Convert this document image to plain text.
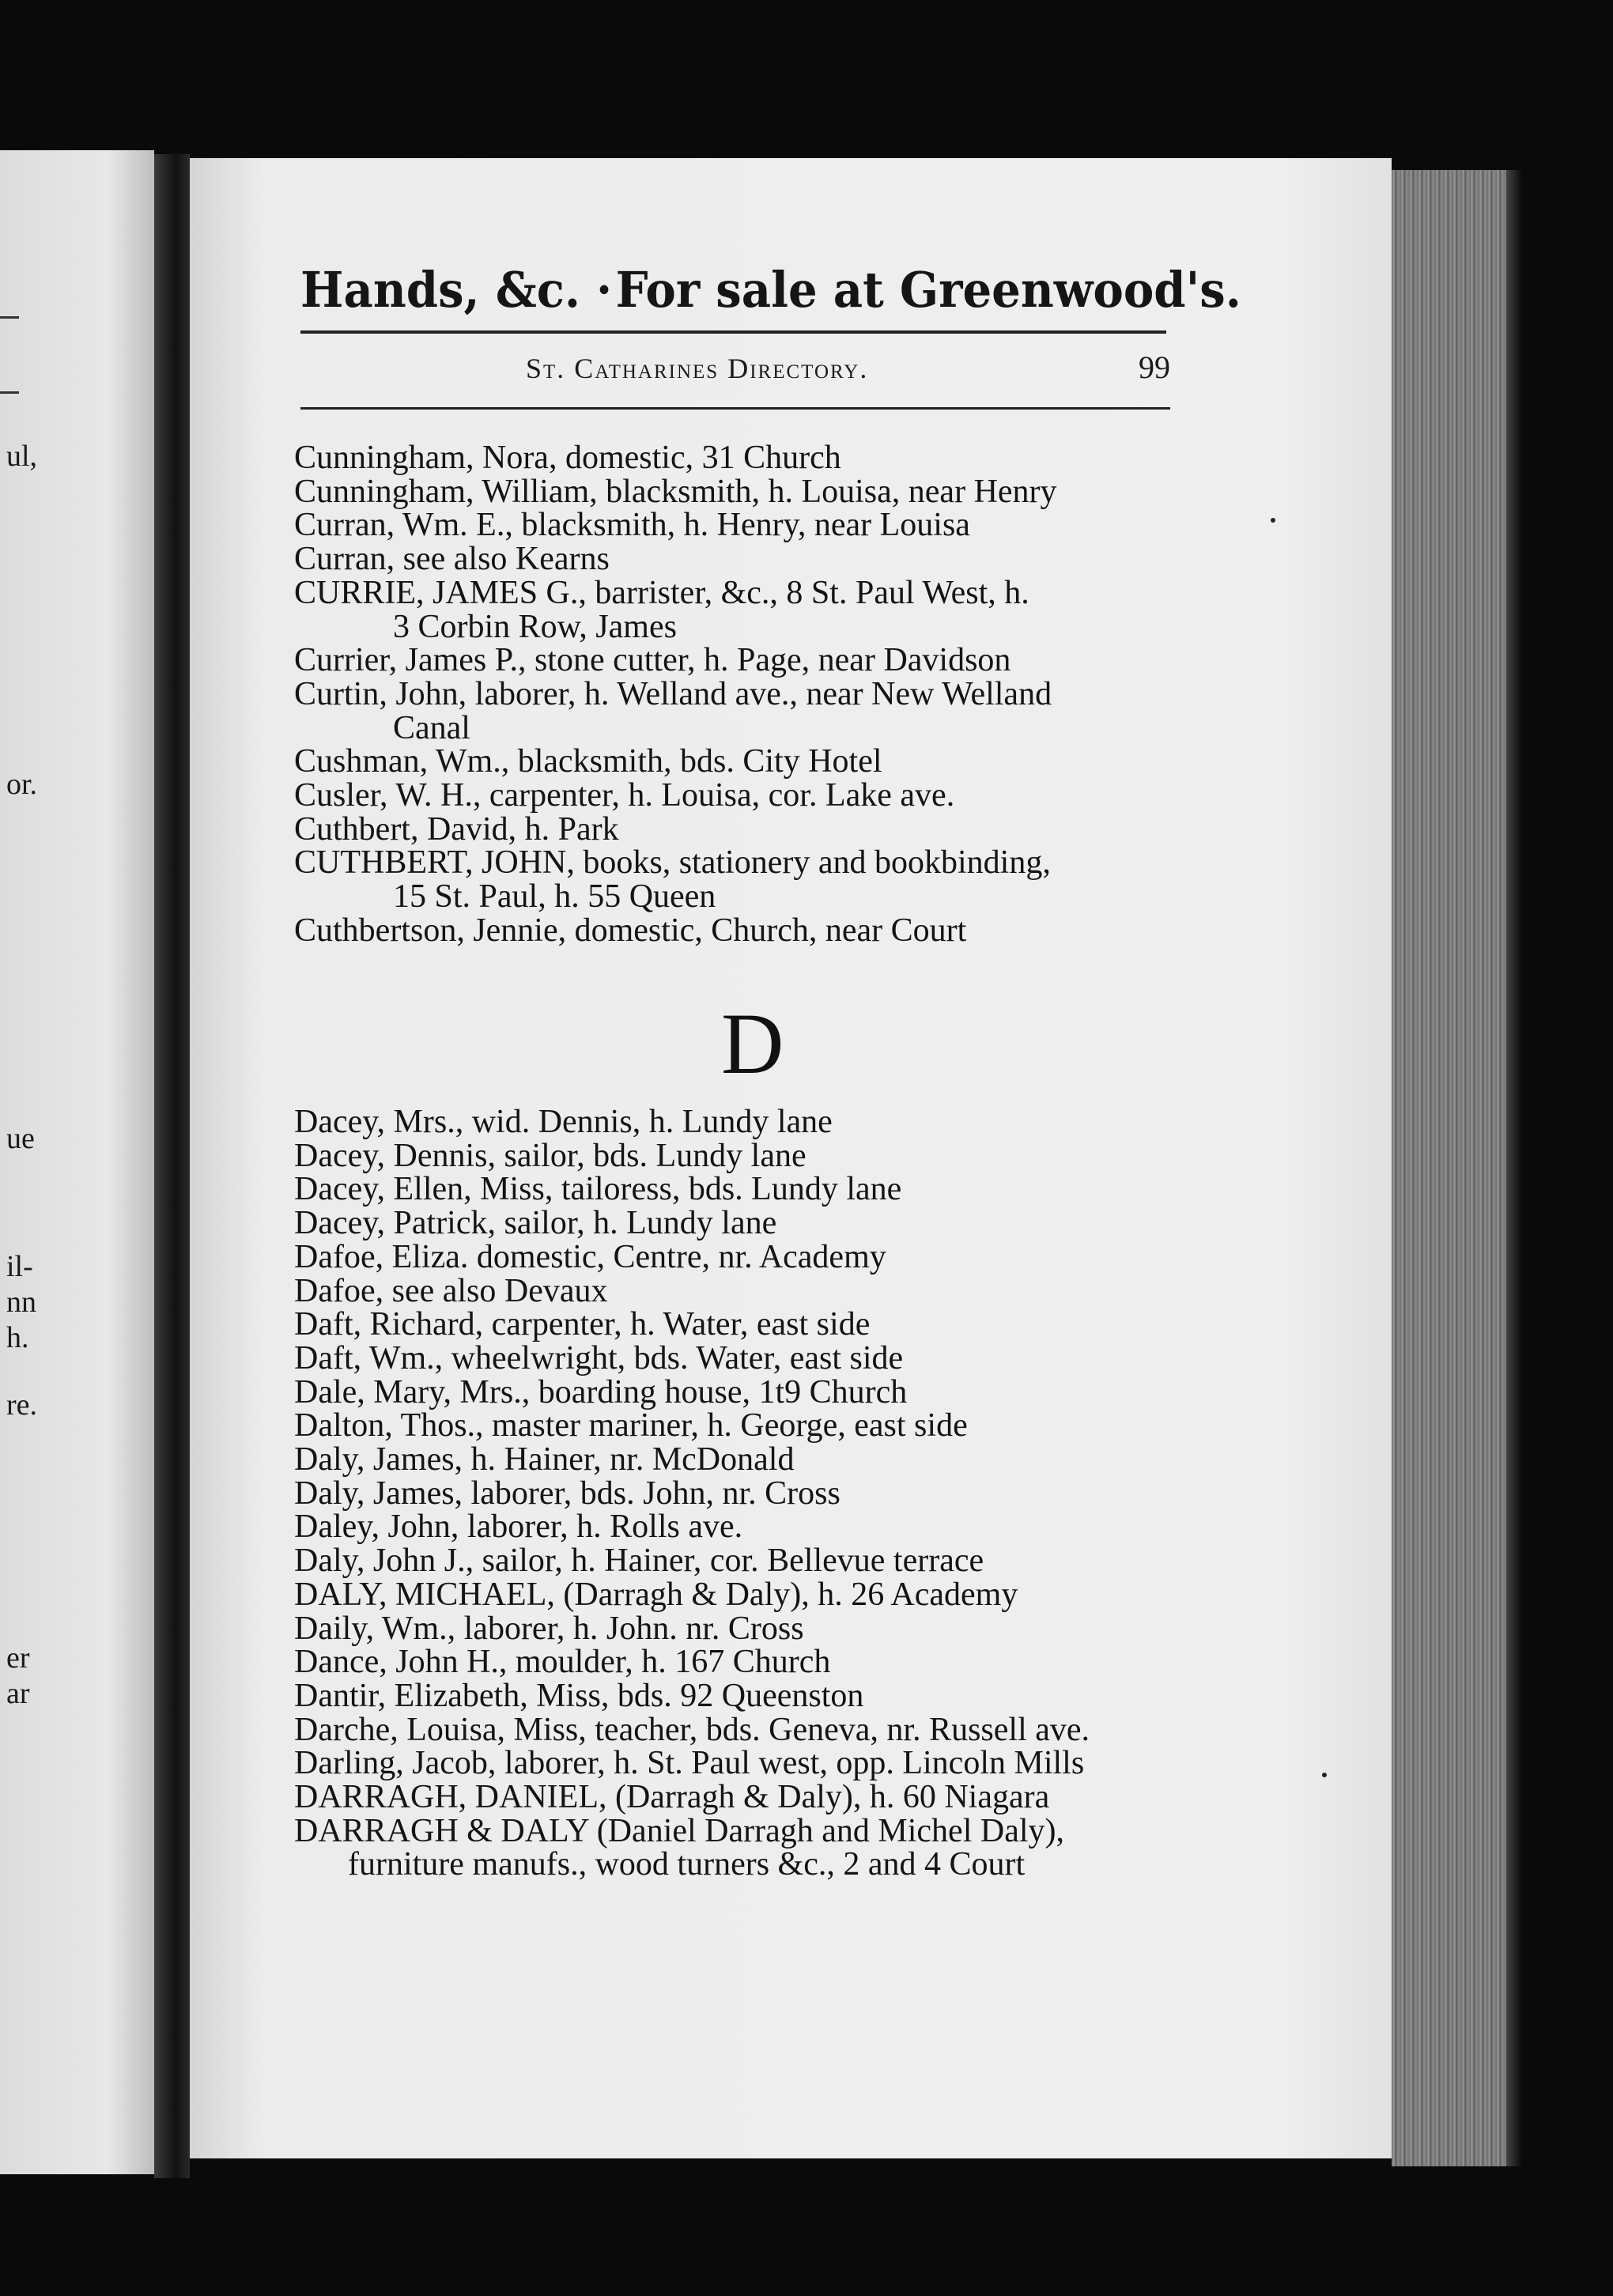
ul,
or.
ue
il-
nn
h.
re.
er
ar
Hands, &c. ·For sale at Greenwood's.
St. Catharines Directory.	99
Cunningham, Nora, domestic, 31 Church
Cunningham, William, blacksmith, h. Louisa, near Henry
Curran, Wm. E., blacksmith, h. Henry, near Louisa
Curran, see also Kearns
CURRIE, JAMES G., barrister, &c., 8 St. Paul West, h.
3 Corbin Row, James
Currier, James P., stone cutter, h. Page, near Davidson
Curtin, John, laborer, h. Welland ave., near New Welland
Canal
Cushman, Wm., blacksmith, bds. City Hotel
Cusler, W. H., carpenter, h. Louisa, cor. Lake ave.
Cuthbert, David, h. Park
CUTHBERT, JOHN, books, stationery and bookbinding,
15 St. Paul, h. 55 Queen
Cuthbertson, Jennie, domestic, Church, near Court
D
Dacey, Mrs., wid. Dennis, h. Lundy lane
Dacey, Dennis, sailor, bds. Lundy lane
Dacey, Ellen, Miss, tailoress, bds. Lundy lane
Dacey, Patrick, sailor, h. Lundy lane
Dafoe, Eliza. domestic, Centre, nr. Academy
Dafoe, see also Devaux
Daft, Richard, carpenter, h. Water, east side
Daft, Wm., wheelwright, bds. Water, east side
Dale, Mary, Mrs., boarding house, 1t9 Church
Dalton, Thos., master mariner, h. George, east side
Daly, James, h. Hainer, nr. McDonald
Daly, James, laborer, bds. John, nr. Cross
Daley, John, laborer, h. Rolls ave.
Daly, John J., sailor, h. Hainer, cor. Bellevue terrace
DALY, MICHAEL, (Darragh & Daly), h. 26 Academy
Daily, Wm., laborer, h. John. nr. Cross
Dance, John H., moulder, h. 167 Church
Dantir, Elizabeth, Miss, bds. 92 Queenston
Darche, Louisa, Miss, teacher, bds. Geneva, nr. Russell ave.
Darling, Jacob, laborer, h. St. Paul west, opp. Lincoln Mills
DARRAGH, DANIEL, (Darragh & Daly), h. 60 Niagara
DARRAGH & DALY (Daniel Darragh and Michel Daly),
furniture manufs., wood turners &c., 2 and 4 Court
